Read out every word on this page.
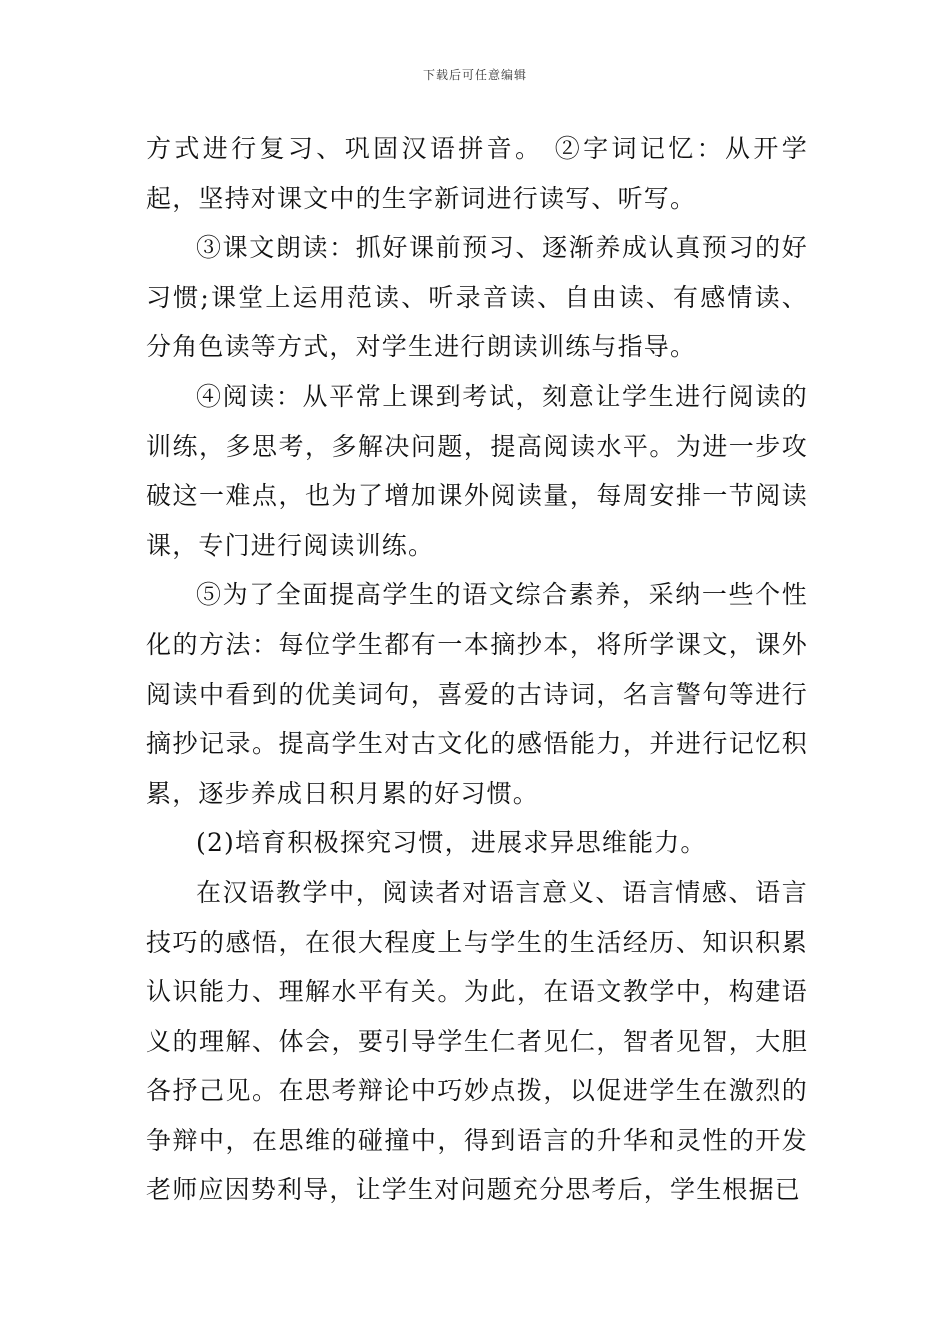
下载后可任意编辑

方式进行复习、巩固汉语拼音。 ②字词记忆：从开学起，坚持对课文中的生字新词进行读写、听写。

③课文朗读：抓好课前预习、逐渐养成认真预习的好习惯;课堂上运用范读、听录音读、自由读、有感情读、分角色读等方式，对学生进行朗读训练与指导。

④阅读：从平常上课到考试，刻意让学生进行阅读的训练，多思考，多解决问题，提高阅读水平。为进一步攻破这一难点，也为了增加课外阅读量，每周安排一节阅读课，专门进行阅读训练。

⑤为了全面提高学生的语文综合素养，采纳一些个性化的方法：每位学生都有一本摘抄本，将所学课文，课外阅读中看到的优美词句，喜爱的古诗词，名言警句等进行摘抄记录。提高学生对古文化的感悟能力，并进行记忆积累，逐步养成日积月累的好习惯。

(2)培育积极探究习惯，进展求异思维能力。

在汉语教学中，阅读者对语言意义、语言情感、语言技巧的感悟，在很大程度上与学生的生活经历、知识积累认识能力、理解水平有关。为此，在语文教学中，构建语义的理解、体会，要引导学生仁者见仁，智者见智，大胆各抒己见。在思考辩论中巧妙点拨，以促进学生在激烈的争辩中，在思维的碰撞中，得到语言的升华和灵性的开发老师应因势利导，让学生对问题充分思考后，学生根据已
